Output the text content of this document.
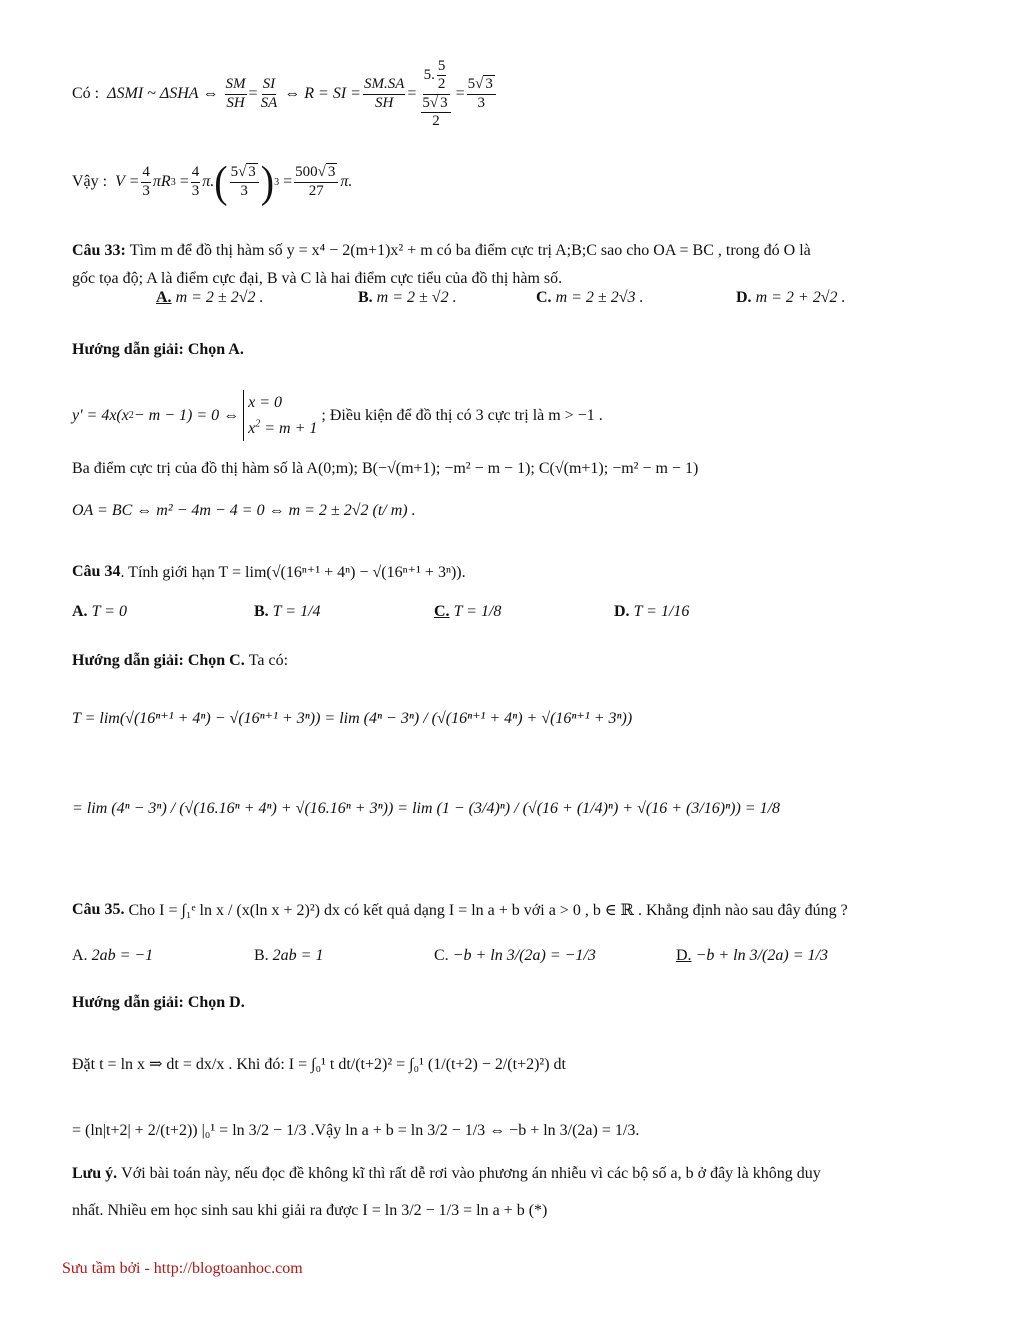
Có : ΔSMI ~ ΔSHA ⇔ $\frac{SM}{SH} = \frac{SI}{SA}$ ⇔ R = SI = $\frac{SM.SA}{SH} = \frac{5. \frac{5}{2}}{\frac{5 √ 3}{2}} = \frac{5 √ 3}{3}$
Vậy : $V = \frac{4}{3}$ πR $3 = \frac{4}{3} \pi$. ( $\frac{5 √ 3}{3}$ ) $3 = \frac{500 √ 3}{27} \pi$.
Câu 33:
Tìm m để đồ thị hàm số y = x⁴ − 2(m+1)x² + m có ba điểm cực trị A;B;C sao cho OA = BC , trong đó O là
gốc tọa độ; A là điểm cực đại, B và C là hai điểm cực tiểu của đồ thị hàm số.
A. m = 2 ± 2√2 .	B. m = 2 ± √2 .	C. m = 2 ± 2√3 .	D. m = 2 + 2√2 .
Hướng dẫn giải: Chọn A.
y' = 4x(x 2 − m − 1) = 0 ⇔
x = 0
$x^2 = m + 1$
; Điều kiện để đồ thị có 3 cực trị là m > −1 .
Ba điểm cực trị của đồ thị hàm số là A(0;m); B(−√(m+1); −m² − m − 1); C(√(m+1); −m² − m − 1)
OA = BC ⇔ m² − 4m − 4 = 0 ⇔ m = 2 ± 2√2 (t/ m) .
Câu 34 . Tính giới hạn T = lim(√(16ⁿ⁺¹ + 4ⁿ) − √(16ⁿ⁺¹ + 3ⁿ)).
A. T = 0	B. T = 1/4	C. T = 1/8	D. T = 1/16
Hướng dẫn giải: Chọn C.
Ta có:
T = lim(√(16ⁿ⁺¹ + 4ⁿ) − √(16ⁿ⁺¹ + 3ⁿ)) = lim (4ⁿ − 3ⁿ) / (√(16ⁿ⁺¹ + 4ⁿ) + √(16ⁿ⁺¹ + 3ⁿ))
= lim (4ⁿ − 3ⁿ) / (√(16.16ⁿ + 4ⁿ) + √(16.16ⁿ + 3ⁿ)) = lim (1 − (3/4)ⁿ) / (√(16 + (1/4)ⁿ) + √(16 + (3/16)ⁿ)) = 1/8
Câu 35.
Cho I = ∫₁ᵉ ln x / (x(ln x + 2)²) dx có kết quả dạng I = ln a + b với a > 0 , b ∈ ℝ . Khẳng định nào sau đây đúng ?
A. 2ab = −1	B. 2ab = 1	C. −b + ln 3/(2a) = −1/3	D. −b + ln 3/(2a) = 1/3
Hướng dẫn giải: Chọn D.
Đặt t = ln x ⇒ dt = dx/x . Khi đó: I = ∫₀¹ t dt/(t+2)² = ∫₀¹ (1/(t+2) − 2/(t+2)²) dt
= (ln|t+2| + 2/(t+2)) |₀¹ = ln 3/2 − 1/3 .Vậy ln a + b = ln 3/2 − 1/3 ⇔ −b + ln 3/(2a) = 1/3.
Lưu ý.
Với bài toán này, nếu đọc đề không kĩ thì rất dễ rơi vào phương án nhiễu vì các bộ số a, b ở đây là không duy
nhất. Nhiều em học sinh sau khi giải ra được I = ln 3/2 − 1/3 = ln a + b (*)
Sưu tầm bởi - http://blogtoanhoc.com
